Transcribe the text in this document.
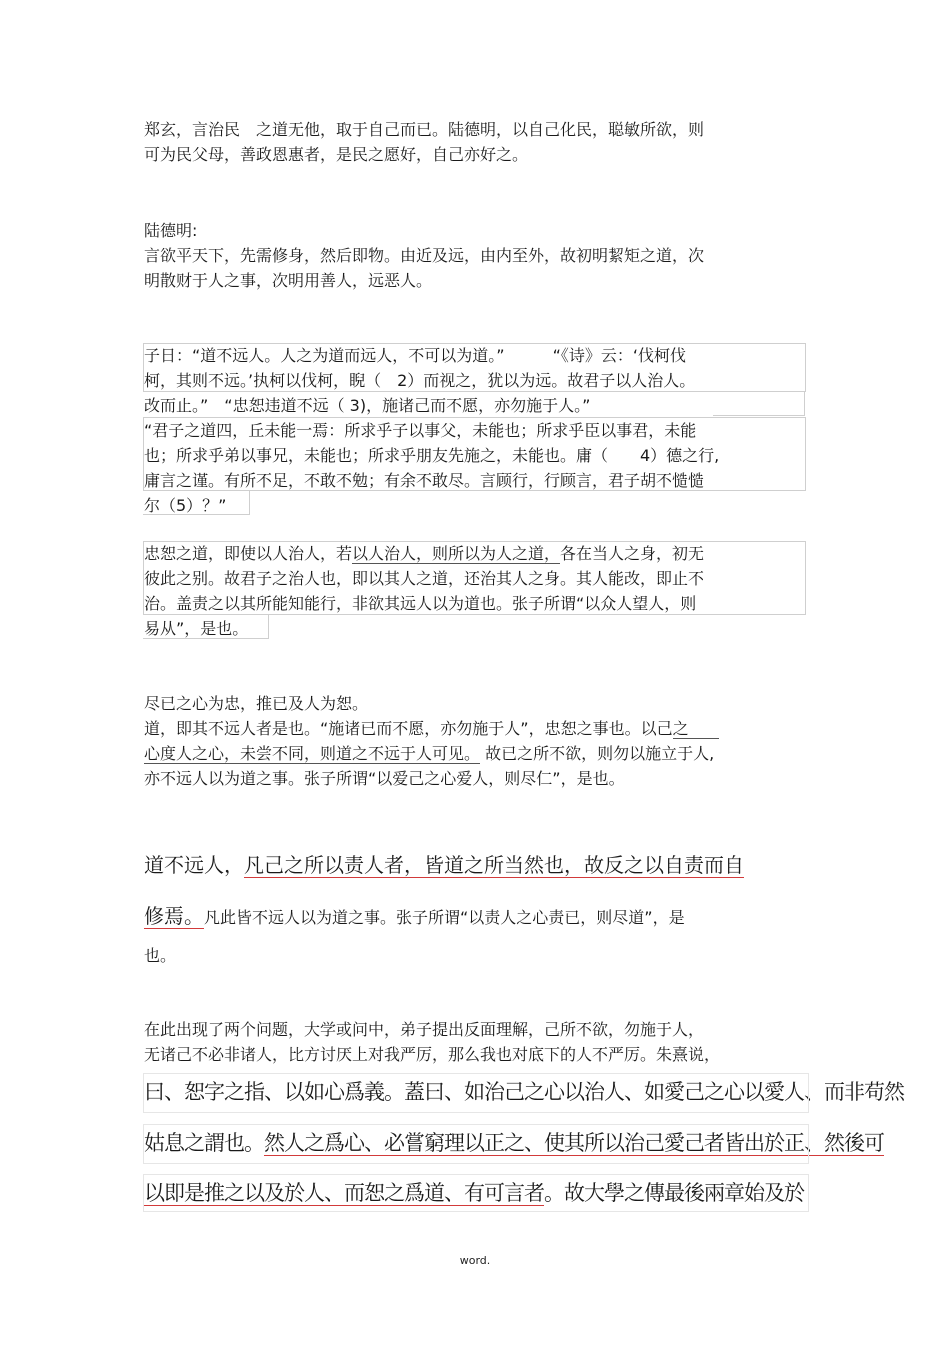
郑玄，言治民　之道无他，取于自己而已。陆德明，以自己化民，聪敏所欲，则
可为民父母，善政恩惠者，是民之愿好，自己亦好之。
陆德明:
言欲平天下，先需修身，然后即物。由近及远，由内至外，故初明絜矩之道，次
明散财于人之事，次明用善人，远恶人。
子日：“道不远人。人之为道而远人，不可以为道。”　　　“《诗》云：‘伐柯伐
柯，其则不远。’执柯以伐柯，睨（　2）而视之，犹以为远。故君子以人治人。
改而止。”　“忠恕违道不远（ 3)，施诸己而不愿，亦勿施于人。”
“君子之道四，丘未能一焉：所求乎子以事父，未能也；所求乎臣以事君，未能
也；所求乎弟以事兄，未能也；所求乎朋友先施之，未能也。庸（　　4）德之行,
庸言之谨。有所不足，不敢不勉；有余不敢尽。言顾行，行顾言，君子胡不慥慥
尔（5）？”
忠恕之道，即使以人治人，若以人治人，则所以为人之道，各在当人之身，初无
彼此之别。故君子之治人也，即以其人之道，还治其人之身。其人能改，即止不
治。盖责之以其所能知能行，非欲其远人以为道也。张子所谓“以众人望人，则
易从”，是也。
尽已之心为忠，推已及人为恕。
道，即其不远人者是也。“施诸已而不愿，亦勿施于人”，忠恕之事也。以己之
心度人之心，未尝不同，则道之不远于人可见。 故已之所不欲，则勿以施立于人,
亦不远人以为道之事。张子所谓“以爱己之心爱人，则尽仁”，是也。
道不远人，凡己之所以责人者，皆道之所当然也，故反之以自责而自
修焉。凡此皆不远人以为道之事。张子所谓“以责人之心责已，则尽道”，是
也。
在此出现了两个问题，大学或问中，弟子提出反面理解，己所不欲，勿施于人，
无诸己不必非诸人，比方讨厌上对我严厉，那么我也对底下的人不严厉。朱熹说，
曰、恕字之指、以如心爲義。蓋曰、如治己之心以治人、如愛己之心以愛人、而非苟然
姑息之謂也。然人之爲心、必嘗窮理以正之、使其所以治己愛己者皆出於正、然後可
以即是推之以及於人、而恕之爲道、有可言者。故大學之傳最後兩章始及於
word.
